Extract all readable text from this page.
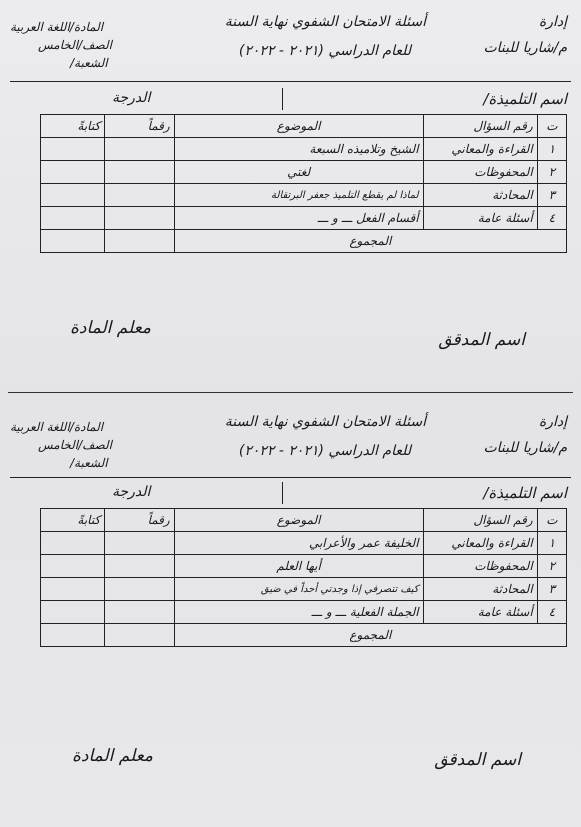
إدارة
م/شاريا للبنات
أسئلة الامتحان الشفوي نهاية السنة
للعام الدراسي (٢٠٢١ - ٢٠٢٢)
المادة/اللغة العربية
الصف/الخامس
الشعبة/
اسم التلميذة/
الدرجة
ت	رقم السؤال	الموضوع	رقماً	كتابةً
١	القراءة والمعاني	الشيخ وتلاميذه السبعة		
٢	المحفوظات	لغتي		
٣	المحادثة	لماذا لم يقطع التلميذ جعفر البرتقالة		
٤	أسئلة عامة	أقسام الفعل ـــ و ـــ		
المجموع				
معلم المادة
اسم المدقق
إدارة
م/شاريا للبنات
أسئلة الامتحان الشفوي نهاية السنة
للعام الدراسي (٢٠٢١ - ٢٠٢٢)
المادة/اللغة العربية
الصف/الخامس
الشعبة/
اسم التلميذة/
الدرجة
ت	رقم السؤال	الموضوع	رقماً	كتابةً
١	القراءة والمعاني	الخليفة عمر والأعرابي		
٢	المحفوظات	أيها العلم		
٣	المحادثة	كيف تتصرفي إذا وجدتي أحداً في ضيق		
٤	أسئلة عامة	الجملة الفعلية ـــ و ـــ		
المجموع				
معلم المادة	اسم المدقق
